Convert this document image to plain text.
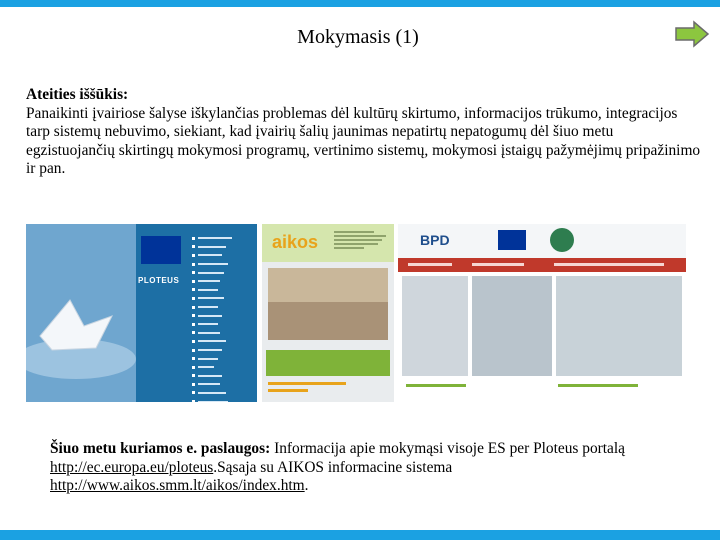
Mokymasis (1)
Ateities iššūkis:
Panaikinti įvairiose šalyse iškylančias problemas dėl kultūrų skirtumo, informacijos trūkumo, integracijos tarp sistemų nebuvimo, siekiant, kad įvairių šalių jaunimas nepatirtų nepatogumų dėl šiuo metu egzistuojančių skirtingų mokymosi programų, vertinimo sistemų, mokymosi įstaigų pažymėjimų pripažinimo ir pan.
PLOTEUS
aikos	BPD
Šiuo metu kuriamos e. paslaugos: Informacija apie mokymąsi visoje ES per Ploteus portalą http://ec.europa.eu/ploteus.Sąsaja su AIKOS informacine sistema http://www.aikos.smm.lt/aikos/index.htm.
